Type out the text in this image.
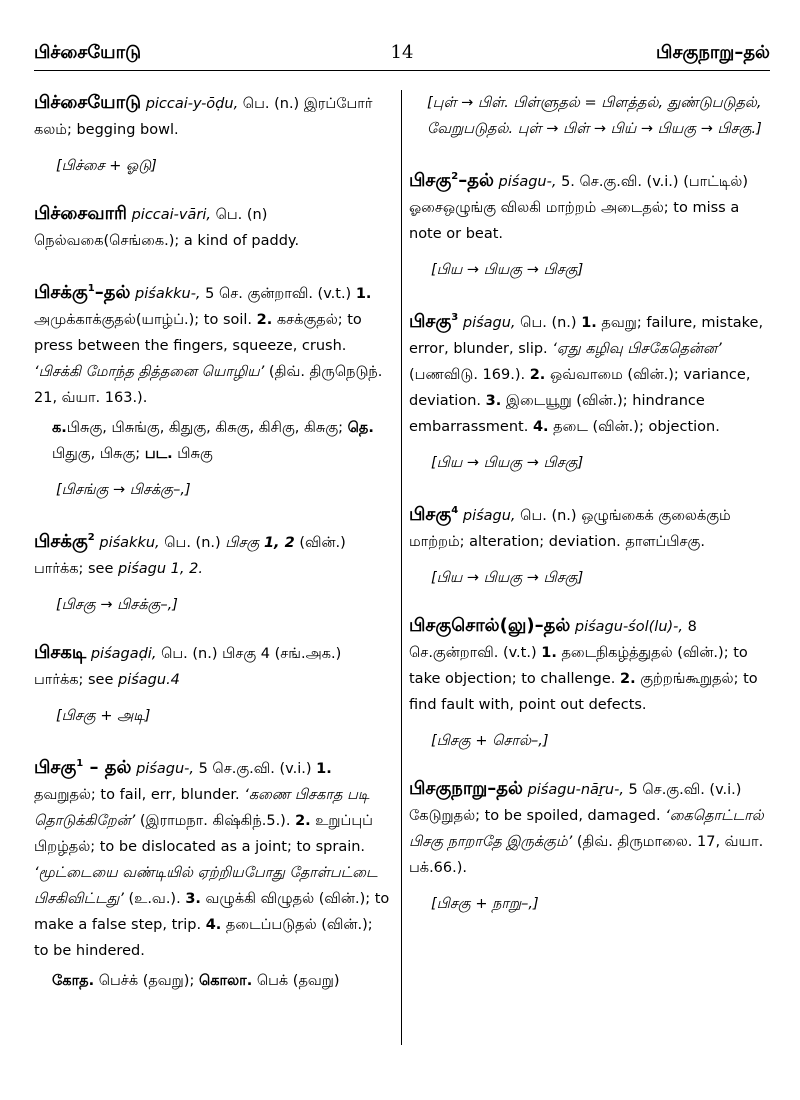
பிச்சையோடு	14	பிசகுநாறு–தல்

பிச்சையோடு piccai-y-ōḍu, பெ. (n.) இரப்போர் கலம்; begging bowl.

[பிச்சை + ஓடு]

பிச்சைவாரி piccai-vāri, பெ. (n) நெல்வகை(செங்கை.); a kind of paddy.

பிசக்கு$^1$–தல் piśakku-, 5 செ. குன்றாவி. (v.t.) 1. அமுக்காக்குதல்(யாழ்ப்.); to soil. 2. கசக்குதல்; to press between the fingers, squeeze, crush. ‘பிசக்கி மோந்த தித்தனை யொழிய’ (திவ். திருநெடுந். 21, வ்யா. 163.).

க.பிசுகு, பிசுங்கு, கிதுகு, கிசுகு, கிசிகு, கிசுகு; தெ. பிதுகு, பிசுகு; பட. பிசுகு

[பிசங்கு → பிசக்கு–,]

பிசக்கு$^2$ piśakku, பெ. (n.) பிசகு 1, 2 (வின்.) பார்க்க; see piśagu 1, 2.

[பிசகு → பிசக்கு–,]

பிசகடி piśagaḍi, பெ. (n.) பிசகு 4 (சங்.அக.) பார்க்க; see piśagu.4

[பிசகு + அடி]

பிசகு$^1$ – தல் piśagu-, 5 செ.கு.வி. (v.i.) 1. தவறுதல்; to fail, err, blunder. ‘கணை பிசகாத படி தொடுக்கிறேன்’ (இராமநா. கிஷ்கிந்.5.). 2. உறுப்புப் பிறழ்தல்; to be dislocated as a joint; to sprain. ‘மூட்டையை வண்டியில் ஏற்றியபோது தோள்பட்டை பிசகிவிட்டது’ (உ.வ.). 3. வழுக்கி விழுதல் (வின்.); to make a false step, trip. 4. தடைப்படுதல் (வின்.); to be hindered.

கோத. பெச்க் (தவறு); கொலா. பெக் (தவறு)

[புள் → பிள். பிள்ளுதல் = பிளத்தல், துண்டுபடுதல், வேறுபடுதல். புள் → பிள் → பிய் → பியகு → பிசகு.]

பிசகு$^2$–தல் piśagu-, 5. செ.கு.வி. (v.i.) (பாட்டில்) ஓசைஒழுங்கு விலகி மாற்றம் அடைதல்; to miss a note or beat.

[பிய → பியகு → பிசகு]

பிசகு$^3$ piśagu, பெ. (n.) 1. தவறு; failure, mistake, error, blunder, slip. ‘ஏது கழிவு பிசகேதென்ன’ (பணவிடு. 169.). 2. ஒவ்வாமை (வின்.); variance, deviation. 3. இடையூறு (வின்.); hindrance embarrassment. 4. தடை (வின்.); objection.

[பிய → பியகு → பிசகு]

பிசகு$^4$ piśagu, பெ. (n.) ஒழுங்கைக் குலைக்கும் மாற்றம்; alteration; deviation. தாளப்பிசகு.

[பிய → பியகு → பிசகு]

பிசகுசொல்(லு)–தல் piśagu-śol(lu)-, 8 செ.குன்றாவி. (v.t.) 1. தடைநிகழ்த்துதல் (வின்.); to take objection; to challenge. 2. குற்றங்கூறுதல்; to find fault with, point out defects.

[பிசகு + சொல்–,]

பிசகுநாறு–தல் piśagu-nāṟu-, 5 செ.கு.வி. (v.i.) கேடுறுதல்; to be spoiled, damaged. ‘கைதொட்டால் பிசகு நாறாதே இருக்கும்’ (திவ். திருமாலை. 17, வ்யா. பக்.66.).

[பிசகு + நாறு–,]
